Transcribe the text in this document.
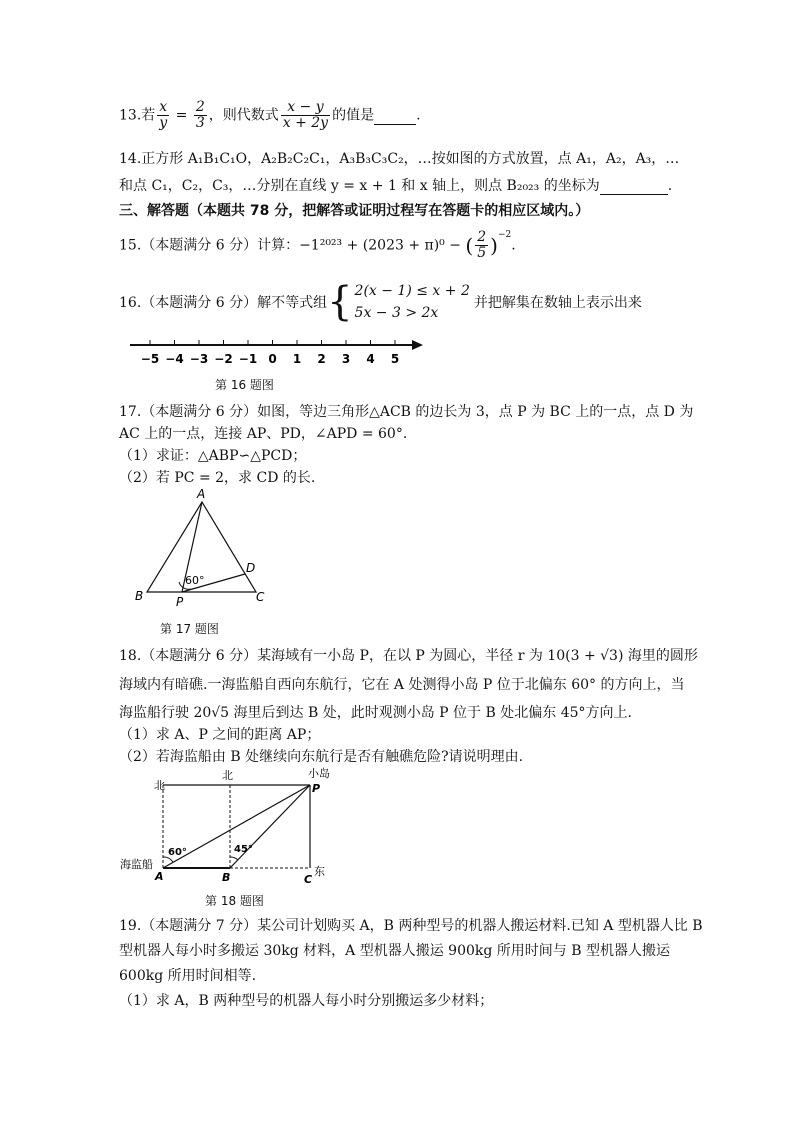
13.若 $\frac{x}{y} = \frac{2}{3}$ ，则代数式 $\frac{x - y}{x + 2y}$ 的值是	.
14.正方形 A₁B₁C₁O，A₂B₂C₂C₁，A₃B₃C₃C₂，…按如图的方式放置，点 A₁，A₂，A₃，…
和点 C₁，C₂，C₃，…分别在直线 y = x + 1 和 x 轴上，则点 B₂₀₂₃ 的坐标为	.
三、解答题（本题共 78 分，把解答或证明过程写在答题卡的相应区域内。）
15.（本题满分 6 分）计算：−1²⁰²³ + (2023 + π)⁰ − ( $\frac{2}{5} )^{-2}$.
16.（本题满分 6 分）解不等式组{ 2(x − 1) ≤ x + 2
5x − 3 > 2x
并把解集在数轴上表示出来
−5 −4 −3 −2 −1 0 1 2 3 4 5
第 16 题图
17.（本题满分 6 分）如图，等边三角形△ACB 的边长为 3，点 P 为 BC 上的一点，点 D 为
AC 上的一点，连接 AP、PD，∠APD = 60°.
（1）求证：△ABP∽△PCD；
（2）若 PC = 2，求 CD 的长.
A
B	C
D
P
60°
第 17 题图
18.（本题满分 6 分）某海域有一小岛 P，在以 P 为圆心，半径 r 为 10(3 + √3) 海里的圆形
海域内有暗礁.一海监船自西向东航行，它在 A 处测得小岛 P 位于北偏东 60° 的方向上，当
海监船行驶 20√5 海里后到达 B 处，此时观测小岛 P 位于 B 处北偏东 45°方向上.
（1）求 A、P 之间的距离 AP；
（2）若海监船由 B 处继续向东航行是否有触礁危险?请说明理由.
北
北	小岛
P
海监船
A	B	C
东
60°	45°
第 18 题图
19.（本题满分 7 分）某公司计划购买 A，B 两种型号的机器人搬运材料.已知 A 型机器人比 B
型机器人每小时多搬运 30kg 材料，A 型机器人搬运 900kg 所用时间与 B 型机器人搬运
600kg 所用时间相等.
（1）求 A，B 两种型号的机器人每小时分别搬运多少材料；
